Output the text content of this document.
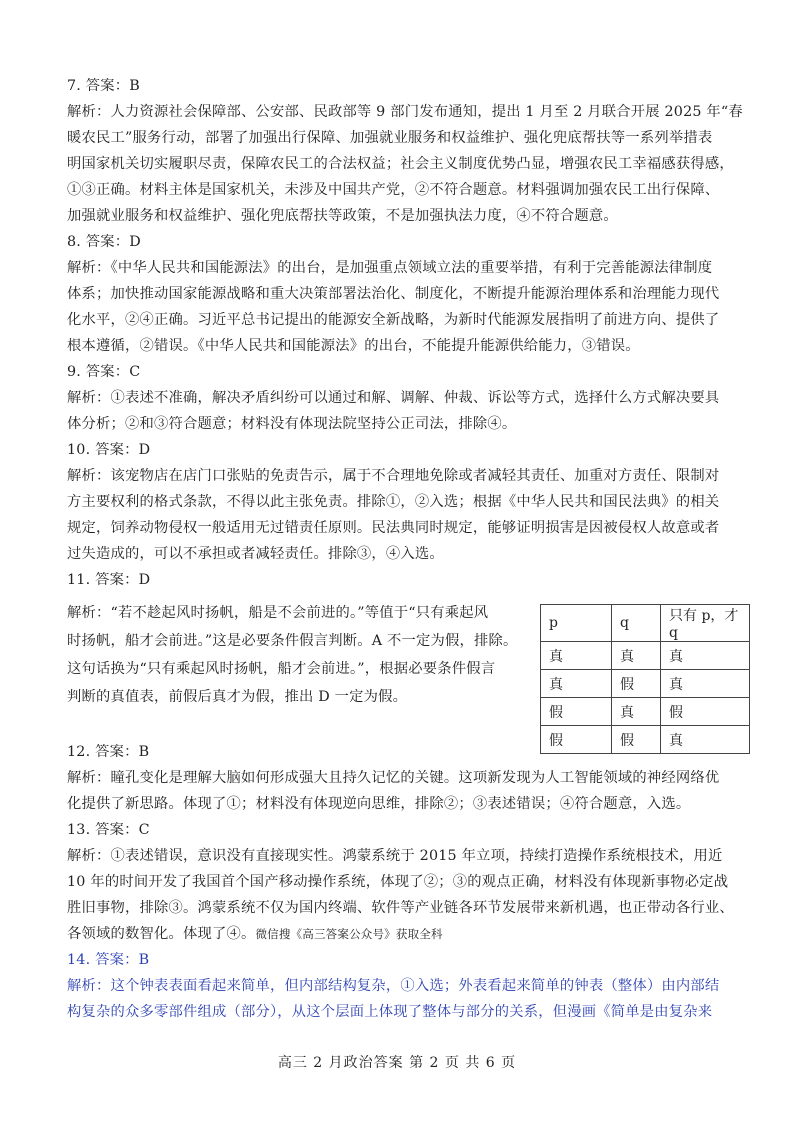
7. 答案：B
解析：人力资源社会保障部、公安部、民政部等 9 部门发布通知，提出 1 月至 2 月联合开展 2025 年“春
暖农民工”服务行动，部署了加强出行保障、加强就业服务和权益维护、强化兜底帮扶等一系列举措表
明国家机关切实履职尽责，保障农民工的合法权益；社会主义制度优势凸显，增强农民工幸福感获得感，
①③正确。材料主体是国家机关，未涉及中国共产党，②不符合题意。材料强调加强农民工出行保障、
加强就业服务和权益维护、强化兜底帮扶等政策，不是加强执法力度，④不符合题意。
8. 答案：D
解析：《中华人民共和国能源法》的出台，是加强重点领域立法的重要举措，有利于完善能源法律制度
体系；加快推动国家能源战略和重大决策部署法治化、制度化，不断提升能源治理体系和治理能力现代
化水平，②④正确。习近平总书记提出的能源安全新战略，为新时代能源发展指明了前进方向、提供了
根本遵循，②错误。《中华人民共和国能源法》的出台，不能提升能源供给能力，③错误。
9. 答案：C
解析：①表述不准确，解决矛盾纠纷可以通过和解、调解、仲裁、诉讼等方式，选择什么方式解决要具
体分析；②和③符合题意；材料没有体现法院坚持公正司法，排除④。
10. 答案：D
解析：该宠物店在店门口张贴的免责告示，属于不合理地免除或者减轻其责任、加重对方责任、限制对
方主要权利的格式条款，不得以此主张免责。排除①，②入选；根据《中华人民共和国民法典》的相关
规定，饲养动物侵权一般适用无过错责任原则。民法典同时规定，能够证明损害是因被侵权人故意或者
过失造成的，可以不承担或者减轻责任。排除③，④入选。
11. 答案：D
解析：“若不趁起风时扬帆，船是不会前进的。”等值于“只有乘起风
时扬帆，船才会前进。”这是必要条件假言判断。A 不一定为假，排除。
这句话换为“只有乘起风时扬帆，船才会前进。”，根据必要条件假言
判断的真值表，前假后真才为假，推出 D 一定为假。
p	q	只有 p，才 q
真	真	真
真	假	真
假	真	假
假	假	真
12. 答案：B
解析：瞳孔变化是理解大脑如何形成强大且持久记忆的关键。这项新发现为人工智能领域的神经网络优
化提供了新思路。体现了①；材料没有体现逆向思维，排除②；③表述错误；④符合题意，入选。
13. 答案：C
解析：①表述错误，意识没有直接现实性。鸿蒙系统于 2015 年立项，持续打造操作系统根技术，用近
10 年的时间开发了我国首个国产移动操作系统，体现了②；③的观点正确，材料没有体现新事物必定战
胜旧事物，排除③。鸿蒙系统不仅为国内终端、软件等产业链各环节发展带来新机遇，也正带动各行业、
各领域的数智化。体现了④。微信搜《高三答案公众号》获取全科
14. 答案：B
解析：这个钟表表面看起来简单，但内部结构复杂，①入选；外表看起来简单的钟表（整体）由内部结
构复杂的众多零部件组成（部分），从这个层面上体现了整体与部分的关系，但漫画《简单是由复杂来
高三 2 月政治答案 第 2 页 共 6 页
